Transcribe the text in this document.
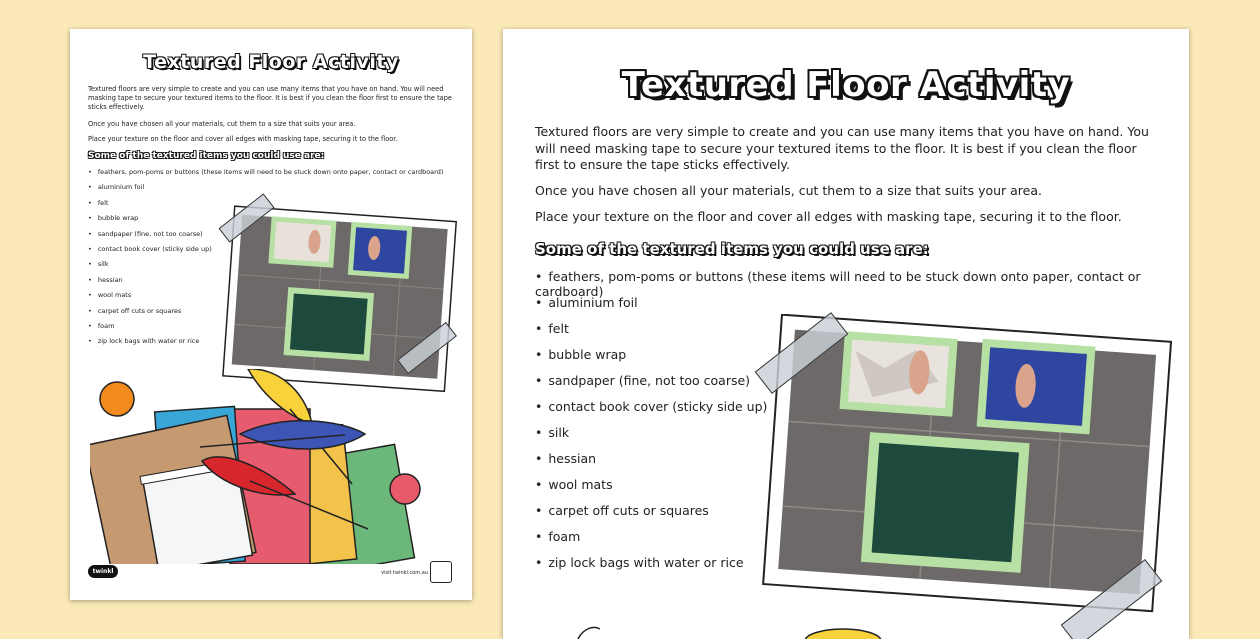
Textured Floor Activity
Textured floors are very simple to create and you can use many items that you have on hand. You will need masking tape to secure your textured items to the floor. It is best if you clean the floor first to ensure the tape sticks effectively.
Once you have chosen all your materials, cut them to a size that suits your area.
Place your texture on the floor and cover all edges with masking tape, securing it to the floor.
Some of the textured items you could use are:
• feathers, pom-poms or buttons (these items will need to be stuck down onto paper, contact or cardboard)
• aluminium foil
• felt
• bubble wrap
• sandpaper (fine, not too coarse)
• contact book cover (sticky side up)
• silk
• hessian
• wool mats
• carpet off cuts or squares
• foam
• zip lock bags with water or rice
twinkl	visit twinkl.com.au
Textured Floor Activity
Textured floors are very simple to create and you can use many items that you have on hand. You will need masking tape to secure your textured items to the floor. It is best if you clean the floor first to ensure the tape sticks effectively.
Once you have chosen all your materials, cut them to a size that suits your area.
Place your texture on the floor and cover all edges with masking tape, securing it to the floor.
Some of the textured items you could use are:
• feathers, pom-poms or buttons (these items will need to be stuck down onto paper, contact or cardboard)
• aluminium foil
• felt
• bubble wrap
• sandpaper (fine, not too coarse)
• contact book cover (sticky side up)
• silk
• hessian
• wool mats
• carpet off cuts or squares
• foam
• zip lock bags with water or rice
